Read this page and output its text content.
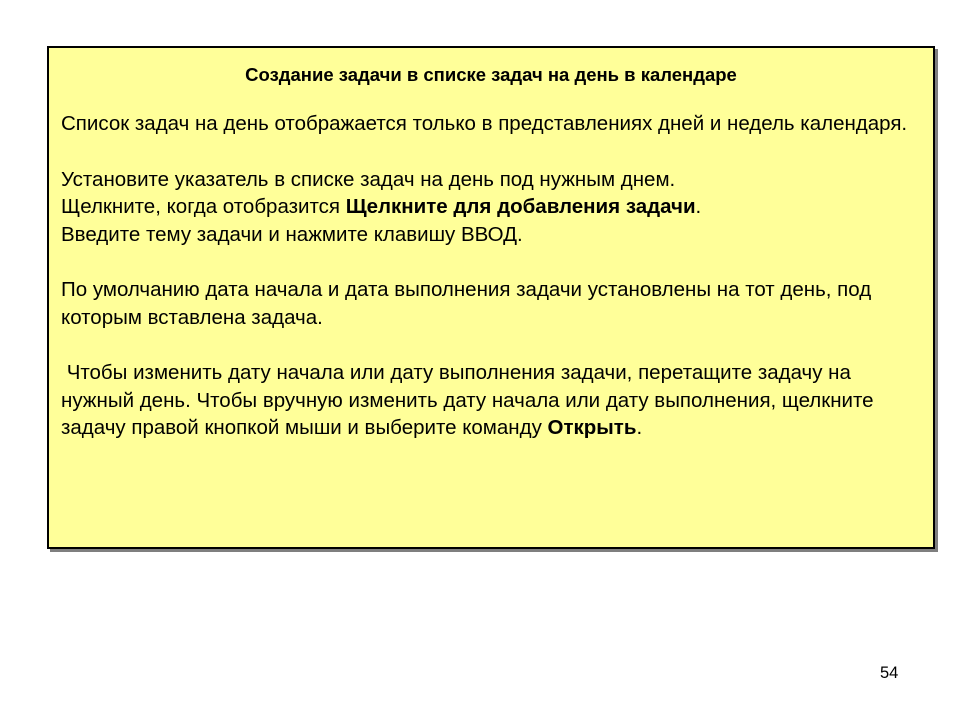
Создание задачи в списке задач на день в календаре

Список задач на день отображается только в представлениях дней и недель календаря.

Установите указатель в списке задач на день под нужным днем.
Щелкните, когда отобразится Щелкните для добавления задачи.
Введите тему задачи и нажмите клавишу ВВОД.

По умолчанию дата начала и дата выполнения задачи установлены на тот день, под которым вставлена задача.

Чтобы изменить дату начала или дату выполнения задачи, перетащите задачу на нужный день. Чтобы вручную изменить дату начала или дату выполнения, щелкните задачу правой кнопкой мыши и выберите команду Открыть.

54
